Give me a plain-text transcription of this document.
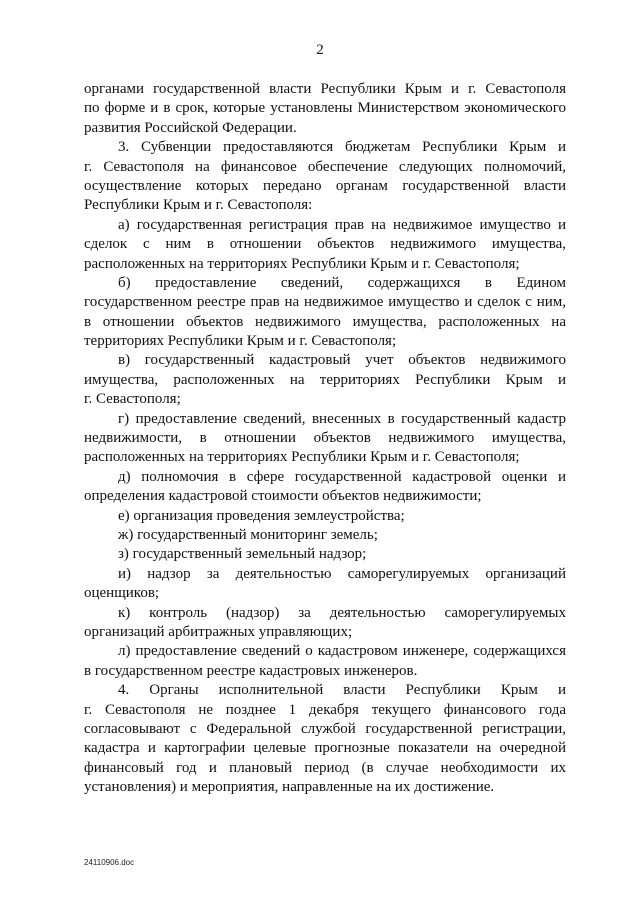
2
органами государственной власти Республики Крым и г. Севастополя
по форме и в срок, которые установлены Министерством экономического
развития Российской Федерации.
3. Субвенции предоставляются бюджетам Республики Крым и
г. Севастополя на финансовое обеспечение следующих полномочий,
осуществление которых передано органам государственной власти
Республики Крым и г. Севастополя:
а) государственная регистрация прав на недвижимое имущество и
сделок с ним в отношении объектов недвижимого имущества,
расположенных на территориях Республики Крым и г. Севастополя;
б) предоставление сведений, содержащихся в Едином
государственном реестре прав на недвижимое имущество и сделок с ним,
в отношении объектов недвижимого имущества, расположенных на
территориях Республики Крым и г. Севастополя;
в) государственный кадастровый учет объектов недвижимого
имущества, расположенных на территориях Республики Крым и
г. Севастополя;
г) предоставление сведений, внесенных в государственный кадастр
недвижимости, в отношении объектов недвижимого имущества,
расположенных на территориях Республики Крым и г. Севастополя;
д) полномочия в сфере государственной кадастровой оценки и
определения кадастровой стоимости объектов недвижимости;
е) организация проведения землеустройства;
ж) государственный мониторинг земель;
з) государственный земельный надзор;
и) надзор за деятельностью саморегулируемых организаций
оценщиков;
к) контроль (надзор) за деятельностью саморегулируемых
организаций арбитражных управляющих;
л) предоставление сведений о кадастровом инженере, содержащихся
в государственном реестре кадастровых инженеров.
4. Органы исполнительной власти Республики Крым и
г. Севастополя не позднее 1 декабря текущего финансового года
согласовывают с Федеральной службой государственной регистрации,
кадастра и картографии целевые прогнозные показатели на очередной
финансовый год и плановый период (в случае необходимости их
установления) и мероприятия, направленные на их достижение.
24110906.doc
